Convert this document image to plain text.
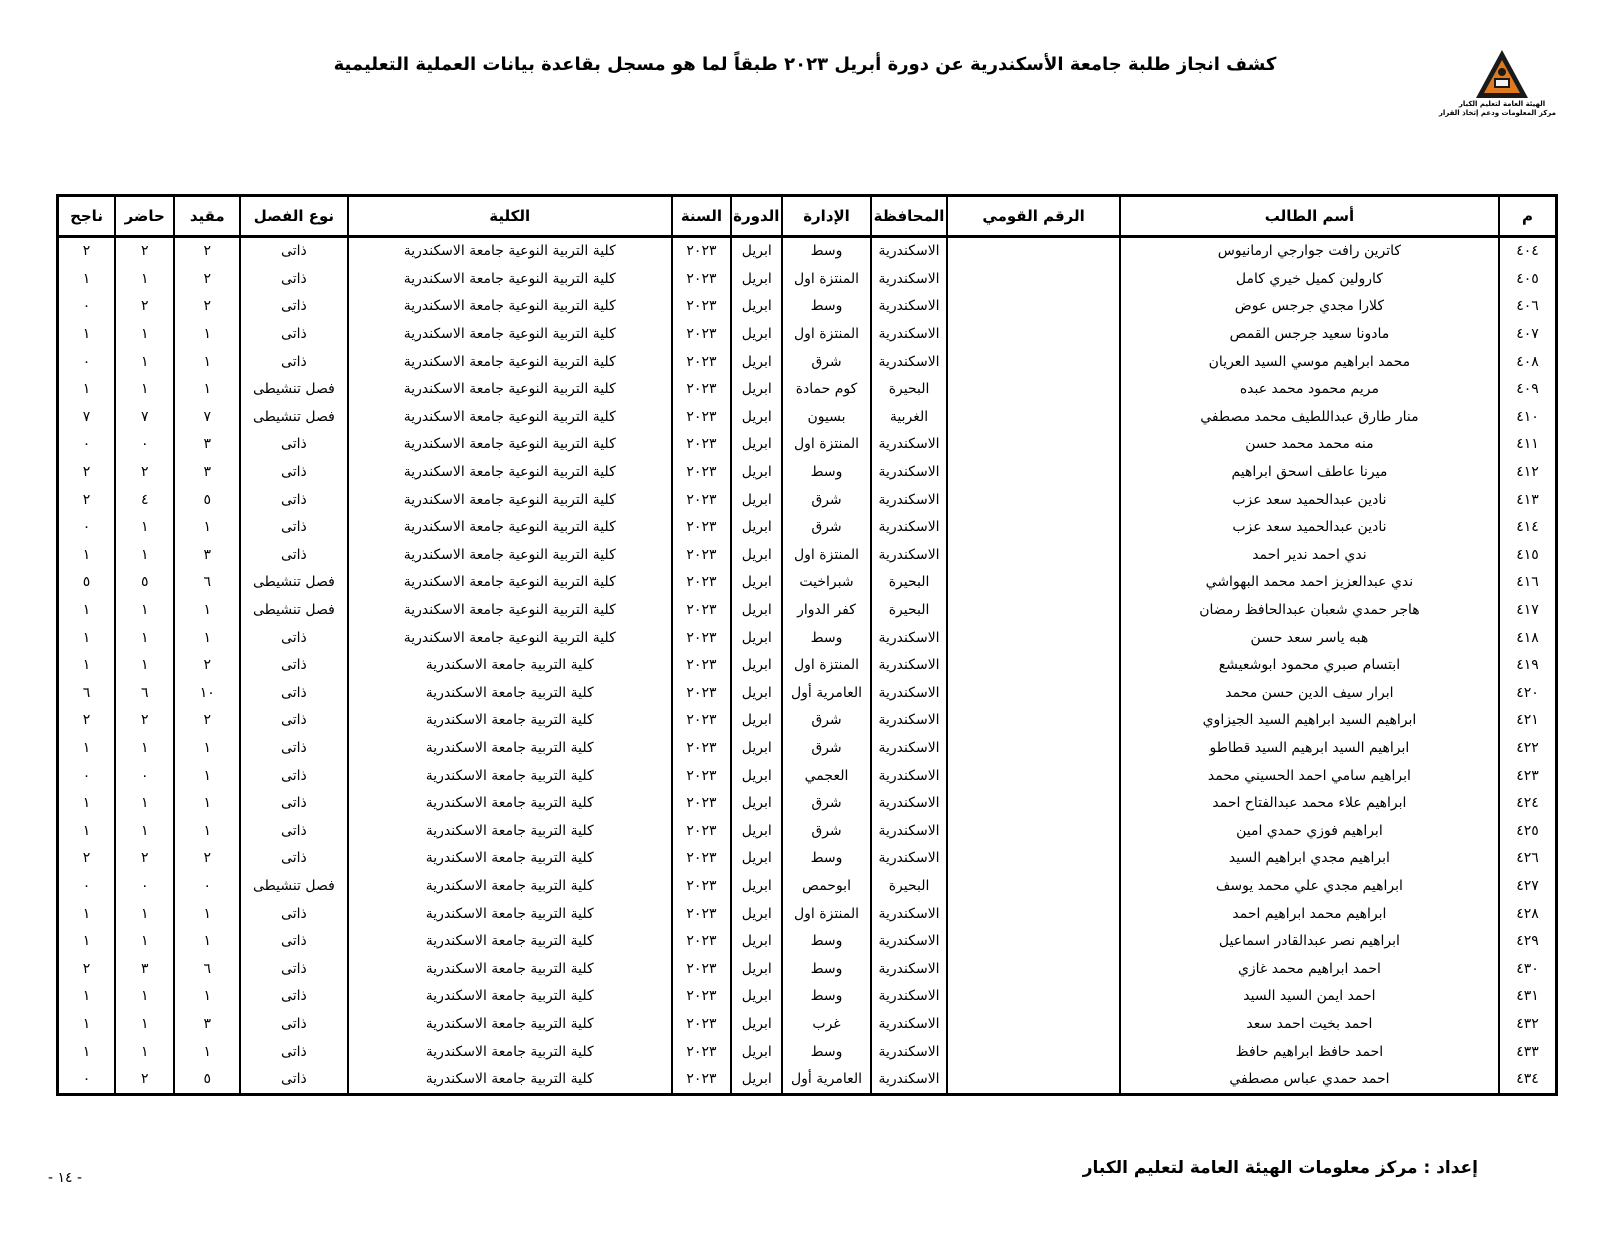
الهيئة العامة لتعليم الكبار
مركز المعلومات ودعم إتخاذ القرار
كشف انجاز طلبة جامعة الأسكندرية عن دورة أبريل ٢٠٢٣ طبقاً لما هو مسجل بقاعدة بيانات العملية التعليمية
م	أسم الطالب	الرقم القومي	المحافظة	الإدارة	الدورة	السنة	الكلية	نوع الفصل	مقيد	حاضر	ناجح
٤٠٤	كاترين رافت جوارجي ارمانيوس		الاسكندرية	وسط	ابريل	٢٠٢٣	كلية التربية النوعية جامعة الاسكندرية	ذاتى	٢	٢	٢
٤٠٥	كارولين كميل خيري كامل		الاسكندرية	المنتزة اول	ابريل	٢٠٢٣	كلية التربية النوعية جامعة الاسكندرية	ذاتى	٢	١	١
٤٠٦	كلارا مجدي جرجس عوض		الاسكندرية	وسط	ابريل	٢٠٢٣	كلية التربية النوعية جامعة الاسكندرية	ذاتى	٢	٢	٠
٤٠٧	مادونا سعيد جرجس القمص		الاسكندرية	المنتزة اول	ابريل	٢٠٢٣	كلية التربية النوعية جامعة الاسكندرية	ذاتى	١	١	١
٤٠٨	محمد ابراهيم موسي السيد العريان		الاسكندرية	شرق	ابريل	٢٠٢٣	كلية التربية النوعية جامعة الاسكندرية	ذاتى	١	١	٠
٤٠٩	مريم محمود محمد عبده		البحيرة	كوم حمادة	ابريل	٢٠٢٣	كلية التربية النوعية جامعة الاسكندرية	فصل تنشيطى	١	١	١
٤١٠	منار طارق عبداللطيف محمد مصطفي		الغربية	بسيون	ابريل	٢٠٢٣	كلية التربية النوعية جامعة الاسكندرية	فصل تنشيطى	٧	٧	٧
٤١١	منه محمد محمد حسن		الاسكندرية	المنتزة اول	ابريل	٢٠٢٣	كلية التربية النوعية جامعة الاسكندرية	ذاتى	٣	٠	٠
٤١٢	ميرنا عاطف اسحق ابراهيم		الاسكندرية	وسط	ابريل	٢٠٢٣	كلية التربية النوعية جامعة الاسكندرية	ذاتى	٣	٢	٢
٤١٣	نادين عبدالحميد سعد عزب		الاسكندرية	شرق	ابريل	٢٠٢٣	كلية التربية النوعية جامعة الاسكندرية	ذاتى	٥	٤	٢
٤١٤	نادين عبدالحميد سعد عزب		الاسكندرية	شرق	ابريل	٢٠٢٣	كلية التربية النوعية جامعة الاسكندرية	ذاتى	١	١	٠
٤١٥	ندي احمد ندير احمد		الاسكندرية	المنتزة اول	ابريل	٢٠٢٣	كلية التربية النوعية جامعة الاسكندرية	ذاتى	٣	١	١
٤١٦	ندي عبدالعزيز احمد محمد البهواشي		البحيرة	شبراخيت	ابريل	٢٠٢٣	كلية التربية النوعية جامعة الاسكندرية	فصل تنشيطى	٦	٥	٥
٤١٧	هاجر حمدي شعبان عبدالحافظ رمضان		البحيرة	كفر الدوار	ابريل	٢٠٢٣	كلية التربية النوعية جامعة الاسكندرية	فصل تنشيطى	١	١	١
٤١٨	هبه ياسر سعد حسن		الاسكندرية	وسط	ابريل	٢٠٢٣	كلية التربية النوعية جامعة الاسكندرية	ذاتى	١	١	١
٤١٩	ابتسام صبري محمود ابوشعيشع		الاسكندرية	المنتزة اول	ابريل	٢٠٢٣	كلية التربية جامعة الاسكندرية	ذاتى	٢	١	١
٤٢٠	ابرار سيف الدين حسن محمد		الاسكندرية	العامرية أول	ابريل	٢٠٢٣	كلية التربية جامعة الاسكندرية	ذاتى	١٠	٦	٦
٤٢١	ابراهيم السيد ابراهيم السيد الجيزاوي		الاسكندرية	شرق	ابريل	٢٠٢٣	كلية التربية جامعة الاسكندرية	ذاتى	٢	٢	٢
٤٢٢	ابراهيم السيد ابرهيم السيد قطاطو		الاسكندرية	شرق	ابريل	٢٠٢٣	كلية التربية جامعة الاسكندرية	ذاتى	١	١	١
٤٢٣	ابراهيم سامي احمد الحسيني محمد		الاسكندرية	العجمي	ابريل	٢٠٢٣	كلية التربية جامعة الاسكندرية	ذاتى	١	٠	٠
٤٢٤	ابراهيم علاء محمد عبدالفتاح احمد		الاسكندرية	شرق	ابريل	٢٠٢٣	كلية التربية جامعة الاسكندرية	ذاتى	١	١	١
٤٢٥	ابراهيم فوزي حمدي امين		الاسكندرية	شرق	ابريل	٢٠٢٣	كلية التربية جامعة الاسكندرية	ذاتى	١	١	١
٤٢٦	ابراهيم مجدي ابراهيم السيد		الاسكندرية	وسط	ابريل	٢٠٢٣	كلية التربية جامعة الاسكندرية	ذاتى	٢	٢	٢
٤٢٧	ابراهيم مجدي علي محمد يوسف		البحيرة	ابوحمص	ابريل	٢٠٢٣	كلية التربية جامعة الاسكندرية	فصل تنشيطى	٠	٠	٠
٤٢٨	ابراهيم محمد ابراهيم احمد		الاسكندرية	المنتزة اول	ابريل	٢٠٢٣	كلية التربية جامعة الاسكندرية	ذاتى	١	١	١
٤٢٩	ابراهيم نصر عبدالقادر اسماعيل		الاسكندرية	وسط	ابريل	٢٠٢٣	كلية التربية جامعة الاسكندرية	ذاتى	١	١	١
٤٣٠	احمد ابراهيم محمد غازي		الاسكندرية	وسط	ابريل	٢٠٢٣	كلية التربية جامعة الاسكندرية	ذاتى	٦	٣	٢
٤٣١	احمد ايمن السيد السيد		الاسكندرية	وسط	ابريل	٢٠٢٣	كلية التربية جامعة الاسكندرية	ذاتى	١	١	١
٤٣٢	احمد بخيت احمد سعد		الاسكندرية	غرب	ابريل	٢٠٢٣	كلية التربية جامعة الاسكندرية	ذاتى	٣	١	١
٤٣٣	احمد حافظ ابراهيم حافظ		الاسكندرية	وسط	ابريل	٢٠٢٣	كلية التربية جامعة الاسكندرية	ذاتى	١	١	١
٤٣٤	احمد حمدي عباس مصطفي		الاسكندرية	العامرية أول	ابريل	٢٠٢٣	كلية التربية جامعة الاسكندرية	ذاتى	٥	٢	٠
إعداد : مركز معلومات الهيئة العامة لتعليم الكبار
- ١٤ -
